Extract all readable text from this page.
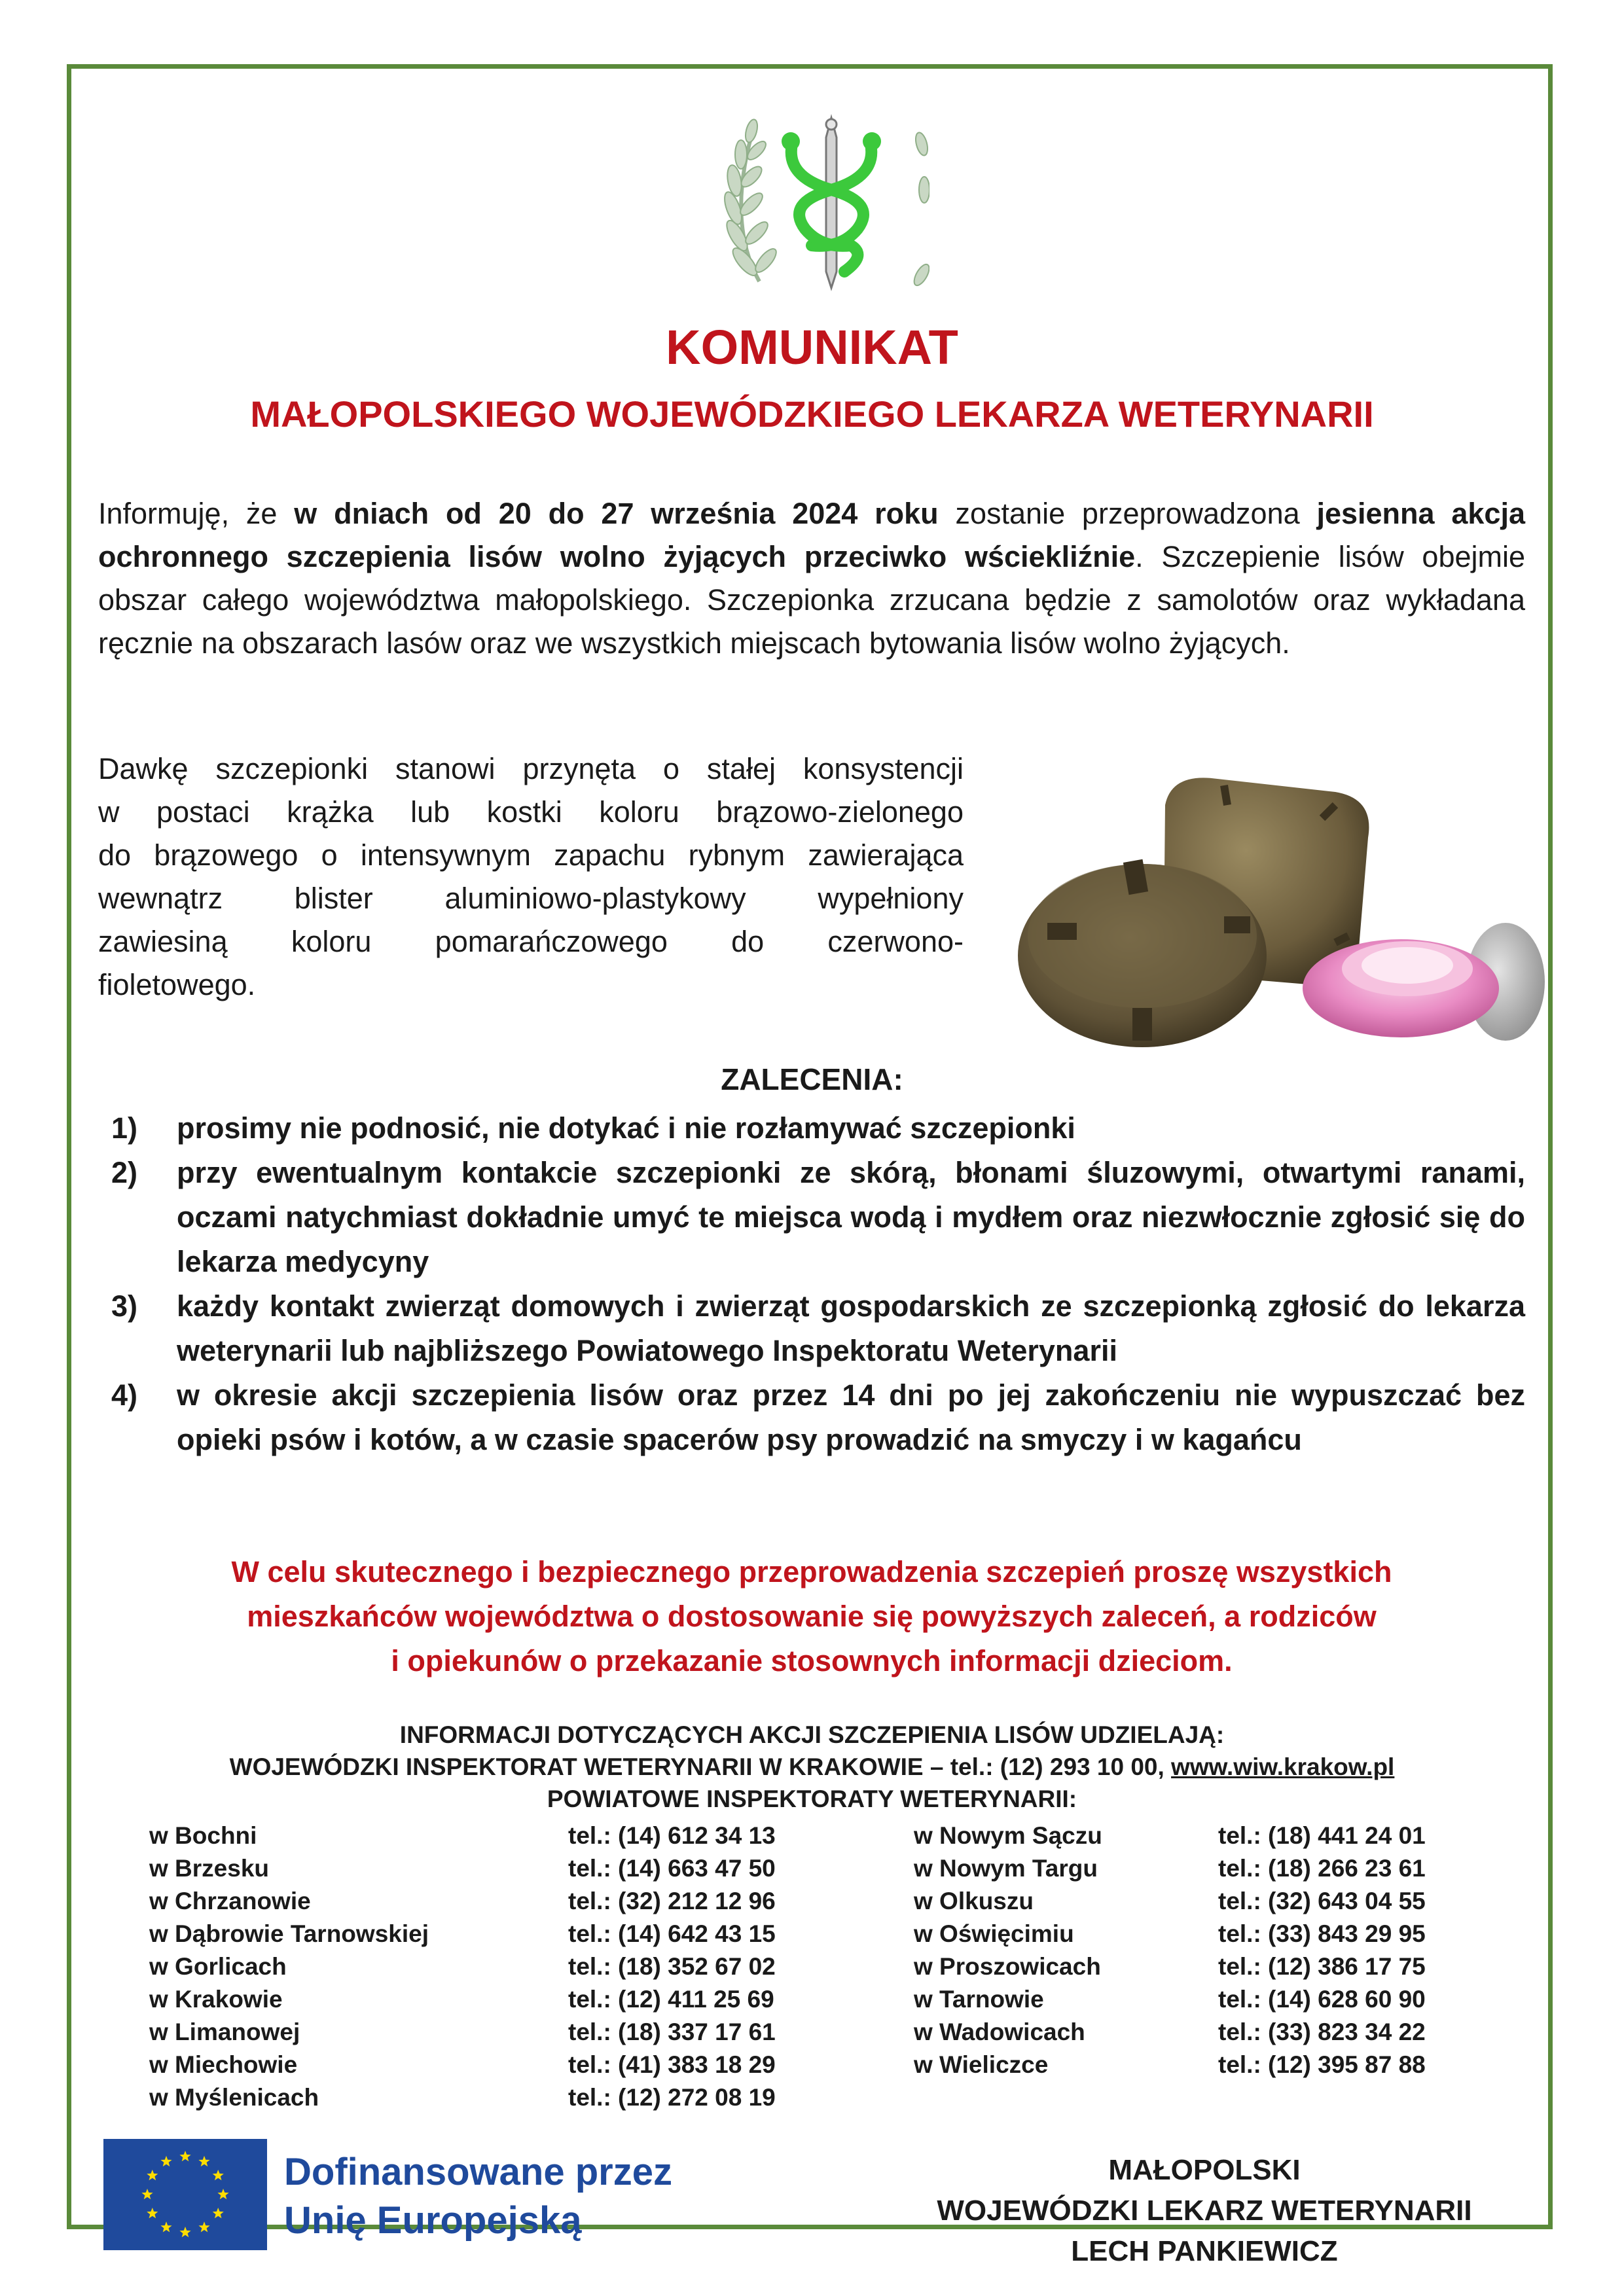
KOMUNIKAT
MAŁOPOLSKIEGO WOJEWÓDZKIEGO LEKARZA WETERYNARII

Informuję, że w dniach od 20 do 27 września 2024 roku zostanie przeprowadzona jesienna akcja ochronnego szczepienia lisów wolno żyjących przeciwko wściekliźnie. Szczepienie lisów obejmie obszar całego województwa małopolskiego. Szczepionka zrzucana będzie z samolotów oraz wykładana ręcznie na obszarach lasów oraz we wszystkich miejscach bytowania lisów wolno żyjących.

Dawkę szczepionki stanowi przynęta o stałej konsystencji
w postaci krążka lub kostki koloru brązowo-zielonego
do brązowego o intensywnym zapachu rybnym zawierająca
wewnątrz blister aluminiowo-plastykowy wypełniony
zawiesiną koloru pomarańczowego do czerwono-
fioletowego.

ZALECENIA:
1)	prosimy nie podnosić, nie dotykać i nie rozłamywać szczepionki
2)	przy ewentualnym kontakcie szczepionki ze skórą, błonami śluzowymi, otwartymi ranami, oczami natychmiast dokładnie umyć te miejsca wodą i mydłem oraz niezwłocznie zgłosić się do lekarza medycyny
3)	każdy kontakt zwierząt domowych i zwierząt gospodarskich ze szczepionką zgłosić do lekarza weterynarii lub najbliższego Powiatowego Inspektoratu Weterynarii
4)	w okresie akcji szczepienia lisów oraz przez 14 dni po jej zakończeniu nie wypuszczać bez opieki psów i kotów, a w czasie spacerów psy prowadzić na smyczy i w kagańcu
W celu skutecznego i bezpiecznego przeprowadzenia szczepień proszę wszystkich
mieszkańców województwa o dostosowanie się powyższych zaleceń, a rodziców
i opiekunów o przekazanie stosownych informacji dzieciom.
INFORMACJI DOTYCZĄCYCH AKCJI SZCZEPIENIA LISÓW UDZIELAJĄ:
WOJEWÓDZKI INSPEKTORAT WETERYNARII W KRAKOWIE – tel.: (12) 293 10 00, www.wiw.krakow.pl
POWIATOWE INSPEKTORATY WETERYNARII:
w Bochni	tel.: (14) 612 34 13	w Nowym Sączu	tel.: (18) 441 24 01
w Brzesku	tel.: (14) 663 47 50	w Nowym Targu	tel.: (18) 266 23 61
w Chrzanowie	tel.: (32) 212 12 96	w Olkuszu	tel.: (32) 643 04 55
w Dąbrowie Tarnowskiej	tel.: (14) 642 43 15	w Oświęcimiu	tel.: (33) 843 29 95
w Gorlicach	tel.: (18) 352 67 02	w Proszowicach	tel.: (12) 386 17 75
w Krakowie	tel.: (12) 411 25 69	w Tarnowie	tel.: (14) 628 60 90
w Limanowej	tel.: (18) 337 17 61	w Wadowicach	tel.: (33) 823 34 22
w Miechowie	tel.: (41) 383 18 29	w Wieliczce	tel.: (12) 395 87 88
w Myślenicach	tel.: (12) 272 08 19
Dofinansowane przez
Unię Europejską
MAŁOPOLSKI
WOJEWÓDZKI LEKARZ WETERYNARII
LECH PANKIEWICZ
